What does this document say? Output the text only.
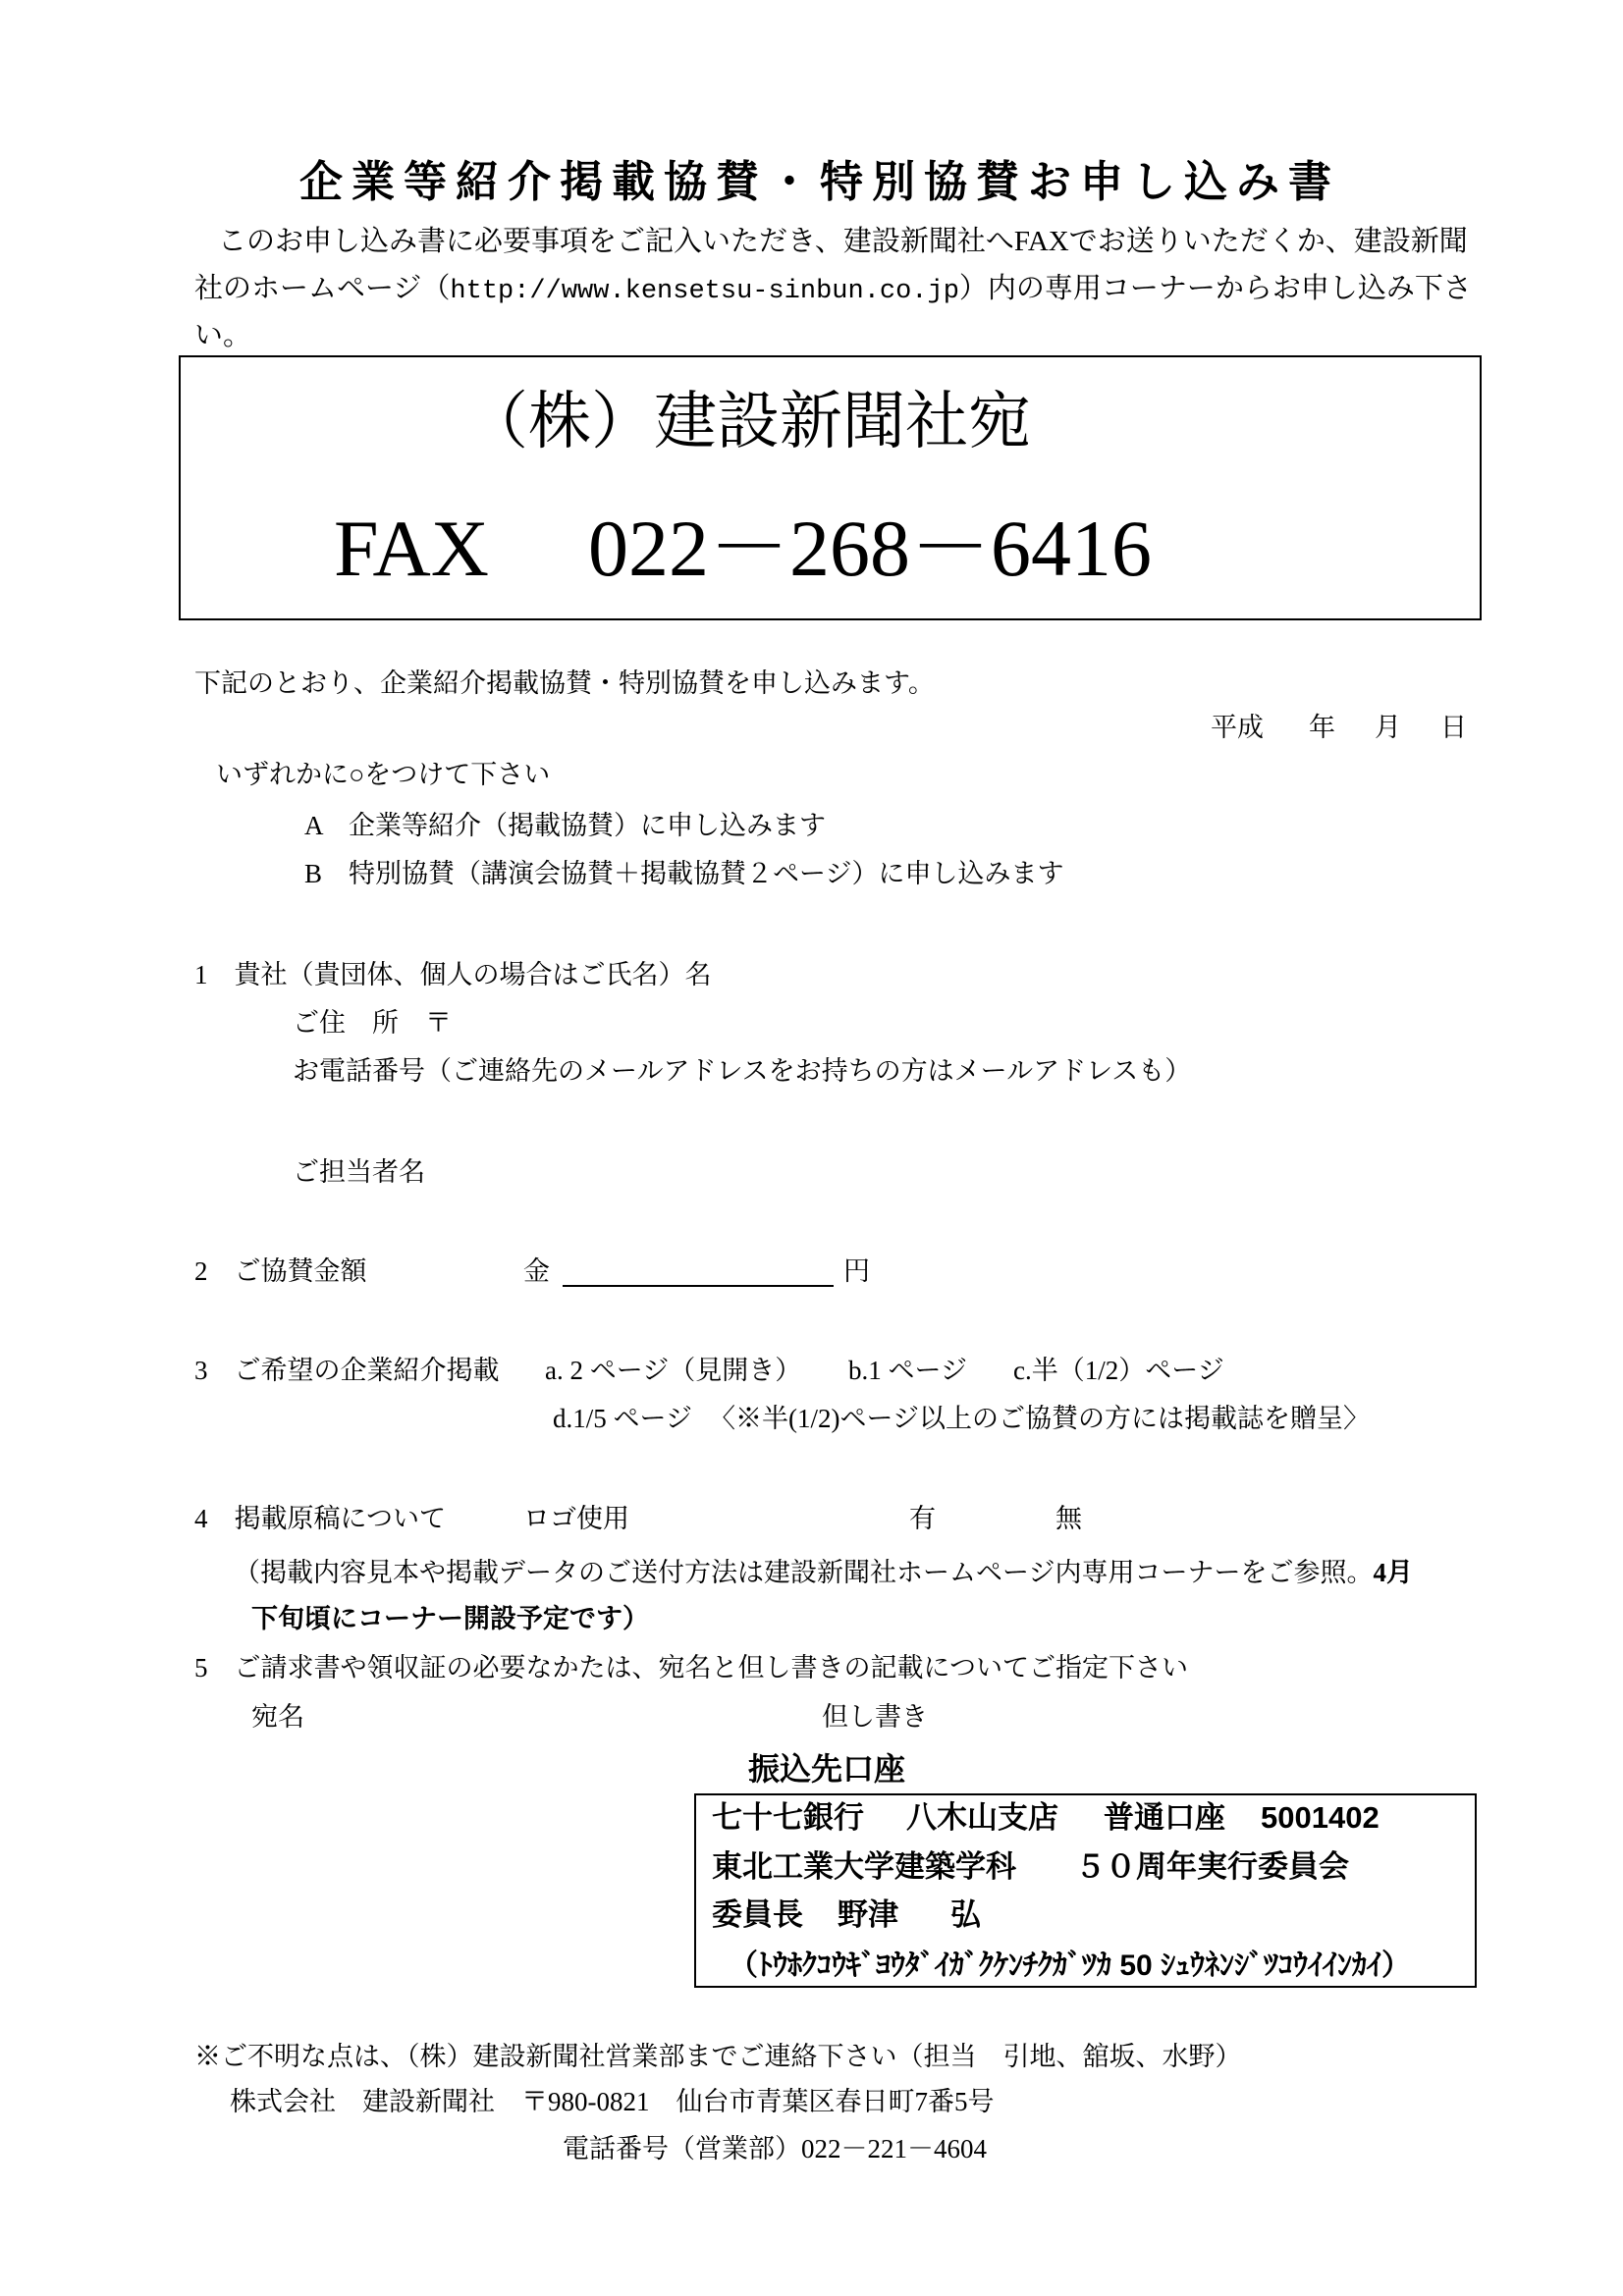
企業等紹介掲載協賛・特別協賛お申し込み書
このお申し込み書に必要事項をご記入いただき、建設新聞社へFAXでお送りいただくか、建設新聞
社のホームページ（http://www.kensetsu-sinbun.co.jp）内の専用コーナーからお申し込み下さ
い。
（株）建設新聞社宛
FAX 022－268－6416
下記のとおり、企業紹介掲載協賛・特別協賛を申し込みます。
平成 年 月 日
いずれかに○をつけて下さい
A　企業等紹介（掲載協賛）に申し込みます
B　特別協賛（講演会協賛＋掲載協賛２ページ）に申し込みます
1　貴社（貴団体、個人の場合はご氏名）名
ご住　所　〒
お電話番号（ご連絡先のメールアドレスをお持ちの方はメールアドレスも）
ご担当者名
2　ご協賛金額	金	円
3　ご希望の企業紹介掲載 a. 2 ページ（見開き） b.1 ページ c.半（1/2）ページ
d.1/5 ページ 〈※半(1/2)ページ以上のご協賛の方には掲載誌を贈呈〉
4　掲載原稿について	ロゴ使用	有	無
（掲載内容見本や掲載データのご送付方法は建設新聞社ホームページ内専用コーナーをご参照。4月
下旬頃にコーナー開設予定です）
5　ご請求書や領収証の必要なかたは、宛名と但し書きの記載についてご指定下さい
宛名	但し書き
振込先口座
七十七銀行 八木山支店 普通口座 5001402
東北工業大学建築学科 ５０周年実行委員会
委員長 野津 弘
（ﾄｳﾎｸｺｳｷﾞﾖｳﾀﾞｲｶﾞｸｹﾝﾁｸｶﾞﾂｶ 50 ｼｭｳﾈﾝｼﾞﾂｺｳｲｲﾝｶｲ）
※ご不明な点は、（株）建設新聞社営業部までご連絡下さい（担当　引地、舘坂、水野）
株式会社　建設新聞社　〒980-0821　仙台市青葉区春日町7番5号
電話番号（営業部）022－221－4604
